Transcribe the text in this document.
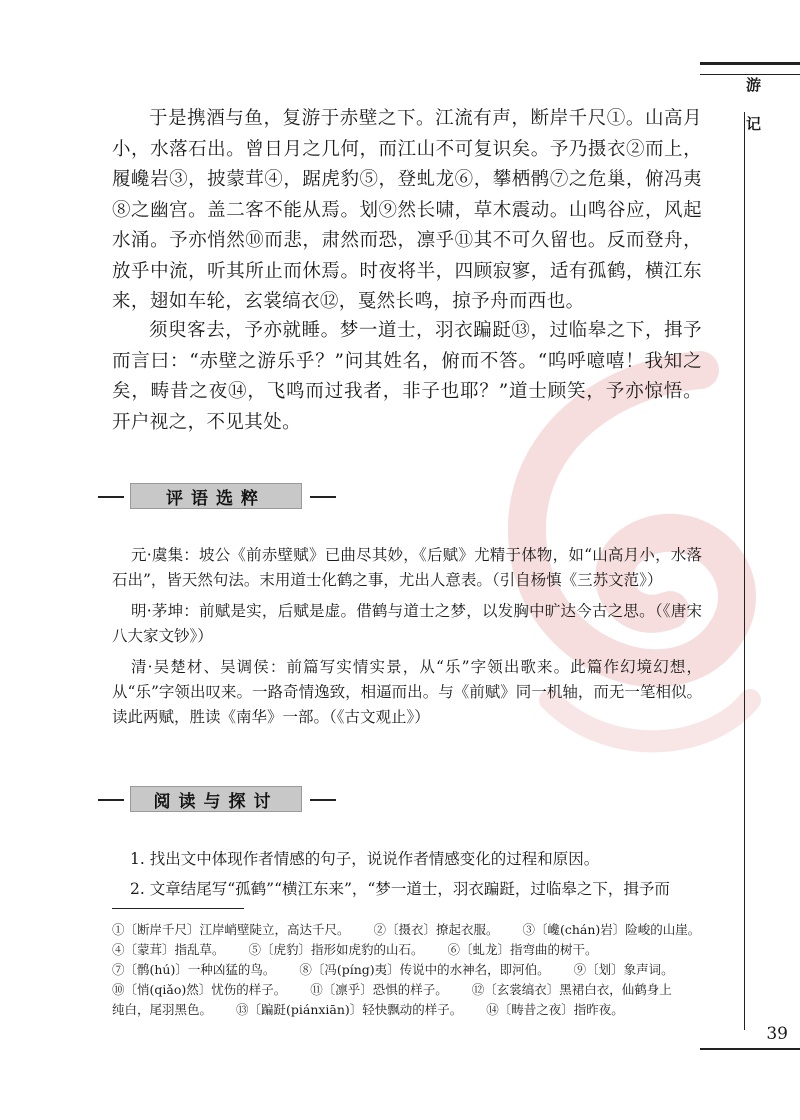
游
记

于是携酒与鱼，复游于赤壁之下。江流有声，断岸千尺①。山高月小，水落石出。曾日月之几何，而江山不可复识矣。予乃摄衣②而上，履巉岩③，披蒙茸④，踞虎豹⑤，登虬龙⑥，攀栖鹘⑦之危巢，俯冯夷⑧之幽宫。盖二客不能从焉。划⑨然长啸，草木震动。山鸣谷应，风起水涌。予亦悄然⑩而悲，肃然而恐，凛乎⑪其不可久留也。反而登舟，放乎中流，听其所止而休焉。时夜将半，四顾寂寥，适有孤鹤，横江东来，翅如车轮，玄裳缟衣⑫，戛然长鸣，掠予舟而西也。

须臾客去，予亦就睡。梦一道士，羽衣蹁跹⑬，过临皋之下，揖予而言曰：“赤壁之游乐乎？”问其姓名，俯而不答。“呜呼噫嘻！我知之矣，畴昔之夜⑭，飞鸣而过我者，非子也耶？”道士顾笑，予亦惊悟。开户视之，不见其处。

评语选粹

元·虞集：坡公《前赤壁赋》已曲尽其妙，《后赋》尤精于体物，如“山高月小，水落石出”，皆天然句法。末用道士化鹤之事，尤出人意表。（引自杨慎《三苏文范》）

明·茅坤：前赋是实，后赋是虚。借鹤与道士之梦，以发胸中旷达今古之思。（《唐宋八大家文钞》）

清·吴楚材、吴调侯：前篇写实情实景，从“乐”字领出歌来。此篇作幻境幻想，从“乐”字领出叹来。一路奇情逸致，相逼而出。与《前赋》同一机轴，而无一笔相似。读此两赋，胜读《南华》一部。（《古文观止》）

阅读与探讨

1. 找出文中体现作者情感的句子，说说作者情感变化的过程和原因。

2. 文章结尾写“孤鹤”“横江东来”，“梦一道士，羽衣蹁跹，过临皋之下，揖予而

①〔断岸千尺〕江岸峭壁陡立，高达千尺。 ②〔摄衣〕撩起衣服。 ③〔巉(chán)岩〕险峻的山崖。
④〔蒙茸〕指乱草。 ⑤〔虎豹〕指形如虎豹的山石。 ⑥〔虬龙〕指弯曲的树干。
⑦〔鹘(hú)〕一种凶猛的鸟。 ⑧〔冯(píng)夷〕传说中的水神名，即河伯。 ⑨〔划〕象声词。
⑩〔悄(qiǎo)然〕忧伤的样子。 ⑪〔凛乎〕恐惧的样子。 ⑫〔玄裳缟衣〕黑裙白衣，仙鹤身上
纯白，尾羽黑色。 ⑬〔蹁跹(piánxiān)〕轻快飘动的样子。 ⑭〔畴昔之夜〕指昨夜。
39
